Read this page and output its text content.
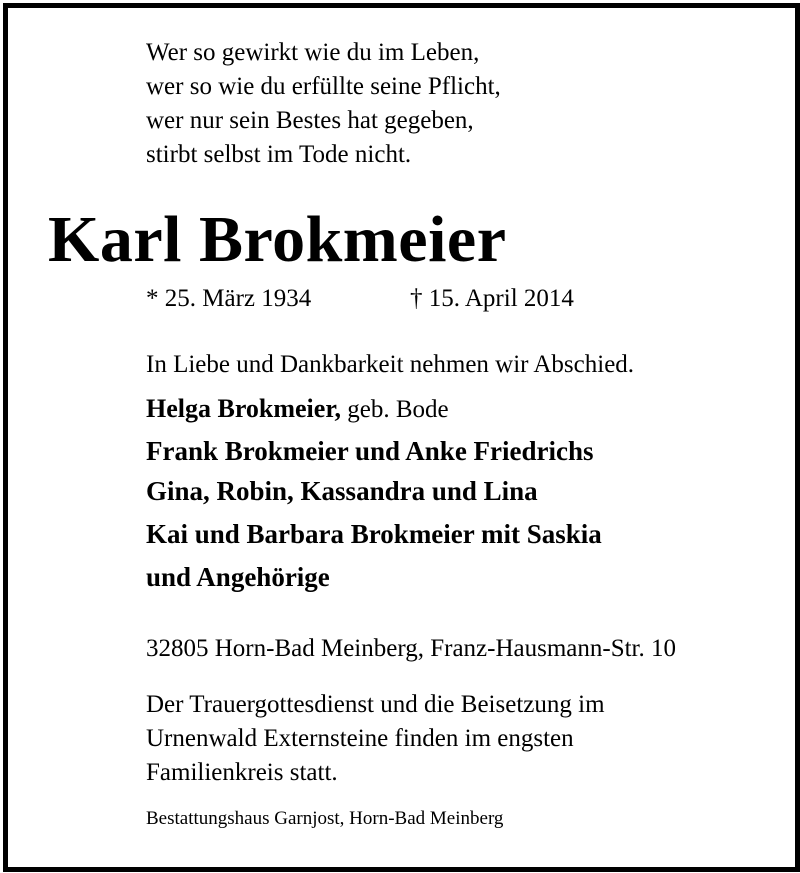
Wer so gewirkt wie du im Leben,
wer so wie du erfüllte seine Pflicht,
wer nur sein Bestes hat gegeben,
stirbt selbst im Tode nicht.
Karl Brokmeier
* 25. März 1934	† 15. April 2014
In Liebe und Dankbarkeit nehmen wir Abschied.
Helga Brokmeier, geb. Bode
Frank Brokmeier und Anke Friedrichs
Gina, Robin, Kassandra und Lina
Kai und Barbara Brokmeier mit Saskia
und Angehörige
32805 Horn-Bad Meinberg, Franz-Hausmann-Str. 10
Der Trauergottesdienst und die Beisetzung im
Urnenwald Externsteine finden im engsten
Familienkreis statt.
Bestattungshaus Garnjost, Horn-Bad Meinberg
